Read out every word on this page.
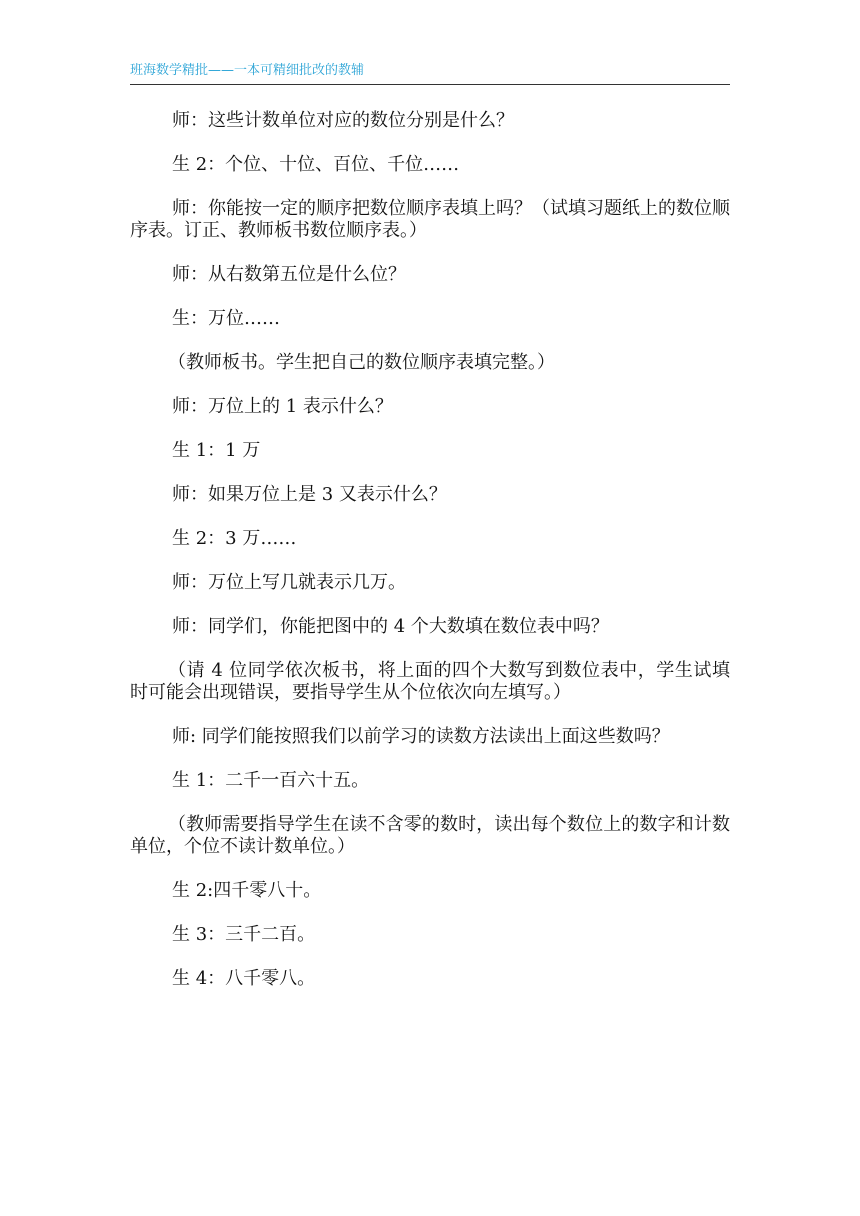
班海数学精批——一本可精细批改的教辅

师：这些计数单位对应的数位分别是什么？

生 2：个位、十位、百位、千位……

师：你能按一定的顺序把数位顺序表填上吗？（试填习题纸上的数位顺序表。订正、教师板书数位顺序表。）

师：从右数第五位是什么位？

生：万位……

（教师板书。学生把自己的数位顺序表填完整。）

师：万位上的 1 表示什么？

生 1：1 万

师：如果万位上是 3 又表示什么？

生 2：3 万……

师：万位上写几就表示几万。

师：同学们，你能把图中的 4 个大数填在数位表中吗？

（请 4 位同学依次板书，将上面的四个大数写到数位表中，学生试填时可能会出现错误，要指导学生从个位依次向左填写。）

师: 同学们能按照我们以前学习的读数方法读出上面这些数吗？

生 1：二千一百六十五。

（教师需要指导学生在读不含零的数时，读出每个数位上的数字和计数单位，个位不读计数单位。）

生 2:四千零八十。

生 3：三千二百。

生 4：八千零八。
